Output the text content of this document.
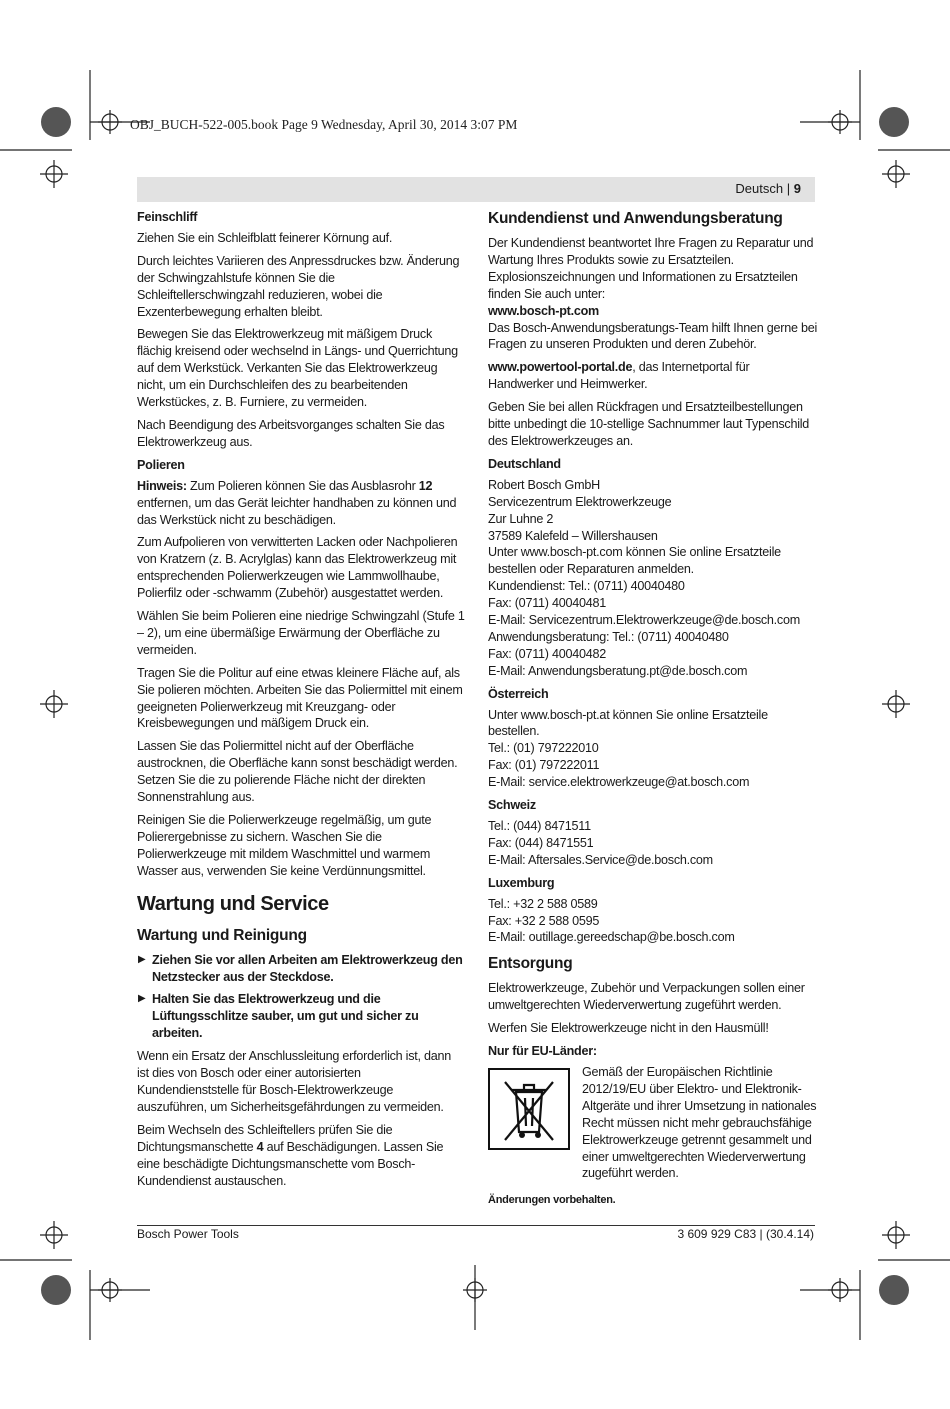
OBJ_BUCH-522-005.book Page 9 Wednesday, April 30, 2014 3:07 PM
Deutsch | 9
Feinschliff

Ziehen Sie ein Schleifblatt feinerer Körnung auf.

Durch leichtes Variieren des Anpressdruckes bzw. Änderung der Schwingzahlstufe können Sie die Schleiftellerschwingzahl reduzieren, wobei die Exzenterbewegung erhalten bleibt.

Bewegen Sie das Elektrowerkzeug mit mäßigem Druck flächig kreisend oder wechselnd in Längs- und Querrichtung auf dem Werkstück. Verkanten Sie das Elektrowerkzeug nicht, um ein Durchschleifen des zu bearbeitenden Werkstückes, z. B. Furniere, zu vermeiden.

Nach Beendigung des Arbeitsvorganges schalten Sie das Elektrowerkzeug aus.

Polieren

Hinweis: Zum Polieren können Sie das Ausblasrohr 12 entfernen, um das Gerät leichter handhaben zu können und das Werkstück nicht zu beschädigen.

Zum Aufpolieren von verwitterten Lacken oder Nachpolieren von Kratzern (z. B. Acrylglas) kann das Elektrowerkzeug mit entsprechenden Polierwerkzeugen wie Lammwollhaube, Polierfilz oder -schwamm (Zubehör) ausgestattet werden.

Wählen Sie beim Polieren eine niedrige Schwingzahl (Stufe 1 – 2), um eine übermäßige Erwärmung der Oberfläche zu vermeiden.

Tragen Sie die Politur auf eine etwas kleinere Fläche auf, als Sie polieren möchten. Arbeiten Sie das Poliermittel mit einem geeigneten Polierwerkzeug mit Kreuzgang- oder Kreisbewegungen und mäßigem Druck ein.

Lassen Sie das Poliermittel nicht auf der Oberfläche austrocknen, die Oberfläche kann sonst beschädigt werden. Setzen Sie die zu polierende Fläche nicht der direkten Sonnenstrahlung aus.

Reinigen Sie die Polierwerkzeuge regelmäßig, um gute Polierergebnisse zu sichern. Waschen Sie die Polierwerkzeuge mit mildem Waschmittel und warmem Wasser aus, verwenden Sie keine Verdünnungsmittel.

Wartung und Service
Wartung und Reinigung
▶ Ziehen Sie vor allen Arbeiten am Elektrowerkzeug den Netzstecker aus der Steckdose.
▶ Halten Sie das Elektrowerkzeug und die Lüftungsschlitze sauber, um gut und sicher zu arbeiten.

Wenn ein Ersatz der Anschlussleitung erforderlich ist, dann ist dies von Bosch oder einer autorisierten Kundendienststelle für Bosch-Elektrowerkzeuge auszuführen, um Sicherheitsgefährdungen zu vermeiden.

Beim Wechseln des Schleiftellers prüfen Sie die Dichtungsmanschette 4 auf Beschädigungen. Lassen Sie eine beschädigte Dichtungsmanschette vom Bosch-Kundendienst austauschen.

Kundendienst und Anwendungsberatung

Der Kundendienst beantwortet Ihre Fragen zu Reparatur und Wartung Ihres Produkts sowie zu Ersatzteilen. Explosionszeichnungen und Informationen zu Ersatzteilen finden Sie auch unter:

www.bosch-pt.com

Das Bosch-Anwendungsberatungs-Team hilft Ihnen gerne bei Fragen zu unseren Produkten und deren Zubehör.

www.powertool-portal.de, das Internetportal für Handwerker und Heimwerker.

Geben Sie bei allen Rückfragen und Ersatzteilbestellungen bitte unbedingt die 10-stellige Sachnummer laut Typenschild des Elektrowerkzeuges an.

Deutschland

Robert Bosch GmbH

Servicezentrum Elektrowerkzeuge

Zur Luhne 2

37589 Kalefeld – Willershausen

Unter www.bosch-pt.com können Sie online Ersatzteile bestellen oder Reparaturen anmelden.

Kundendienst: Tel.: (0711) 40040480

Fax: (0711) 40040481

E-Mail: Servicezentrum.Elektrowerkzeuge@de.bosch.com

Anwendungsberatung: Tel.: (0711) 40040480

Fax: (0711) 40040482

E-Mail: Anwendungsberatung.pt@de.bosch.com

Österreich

Unter www.bosch-pt.at können Sie online Ersatzteile bestellen.

Tel.: (01) 797222010

Fax: (01) 797222011

E-Mail: service.elektrowerkzeuge@at.bosch.com

Schweiz

Tel.: (044) 8471511

Fax: (044) 8471551

E-Mail: Aftersales.Service@de.bosch.com

Luxemburg

Tel.: +32 2 588 0589

Fax: +32 2 588 0595

E-Mail: outillage.gereedschap@be.bosch.com

Entsorgung

Elektrowerkzeuge, Zubehör und Verpackungen sollen einer umweltgerechten Wiederverwertung zugeführt werden.

Werfen Sie Elektrowerkzeuge nicht in den Hausmüll!

Nur für EU-Länder:

Gemäß der Europäischen Richtlinie 2012/19/EU über Elektro- und Elektronik-Altgeräte und ihrer Umsetzung in nationales Recht müssen nicht mehr gebrauchsfähige Elektrowerkzeuge getrennt gesammelt und einer umweltgerechten Wiederverwertung zugeführt werden.

Änderungen vorbehalten.
Bosch Power Tools	3 609 929 C83 | (30.4.14)
